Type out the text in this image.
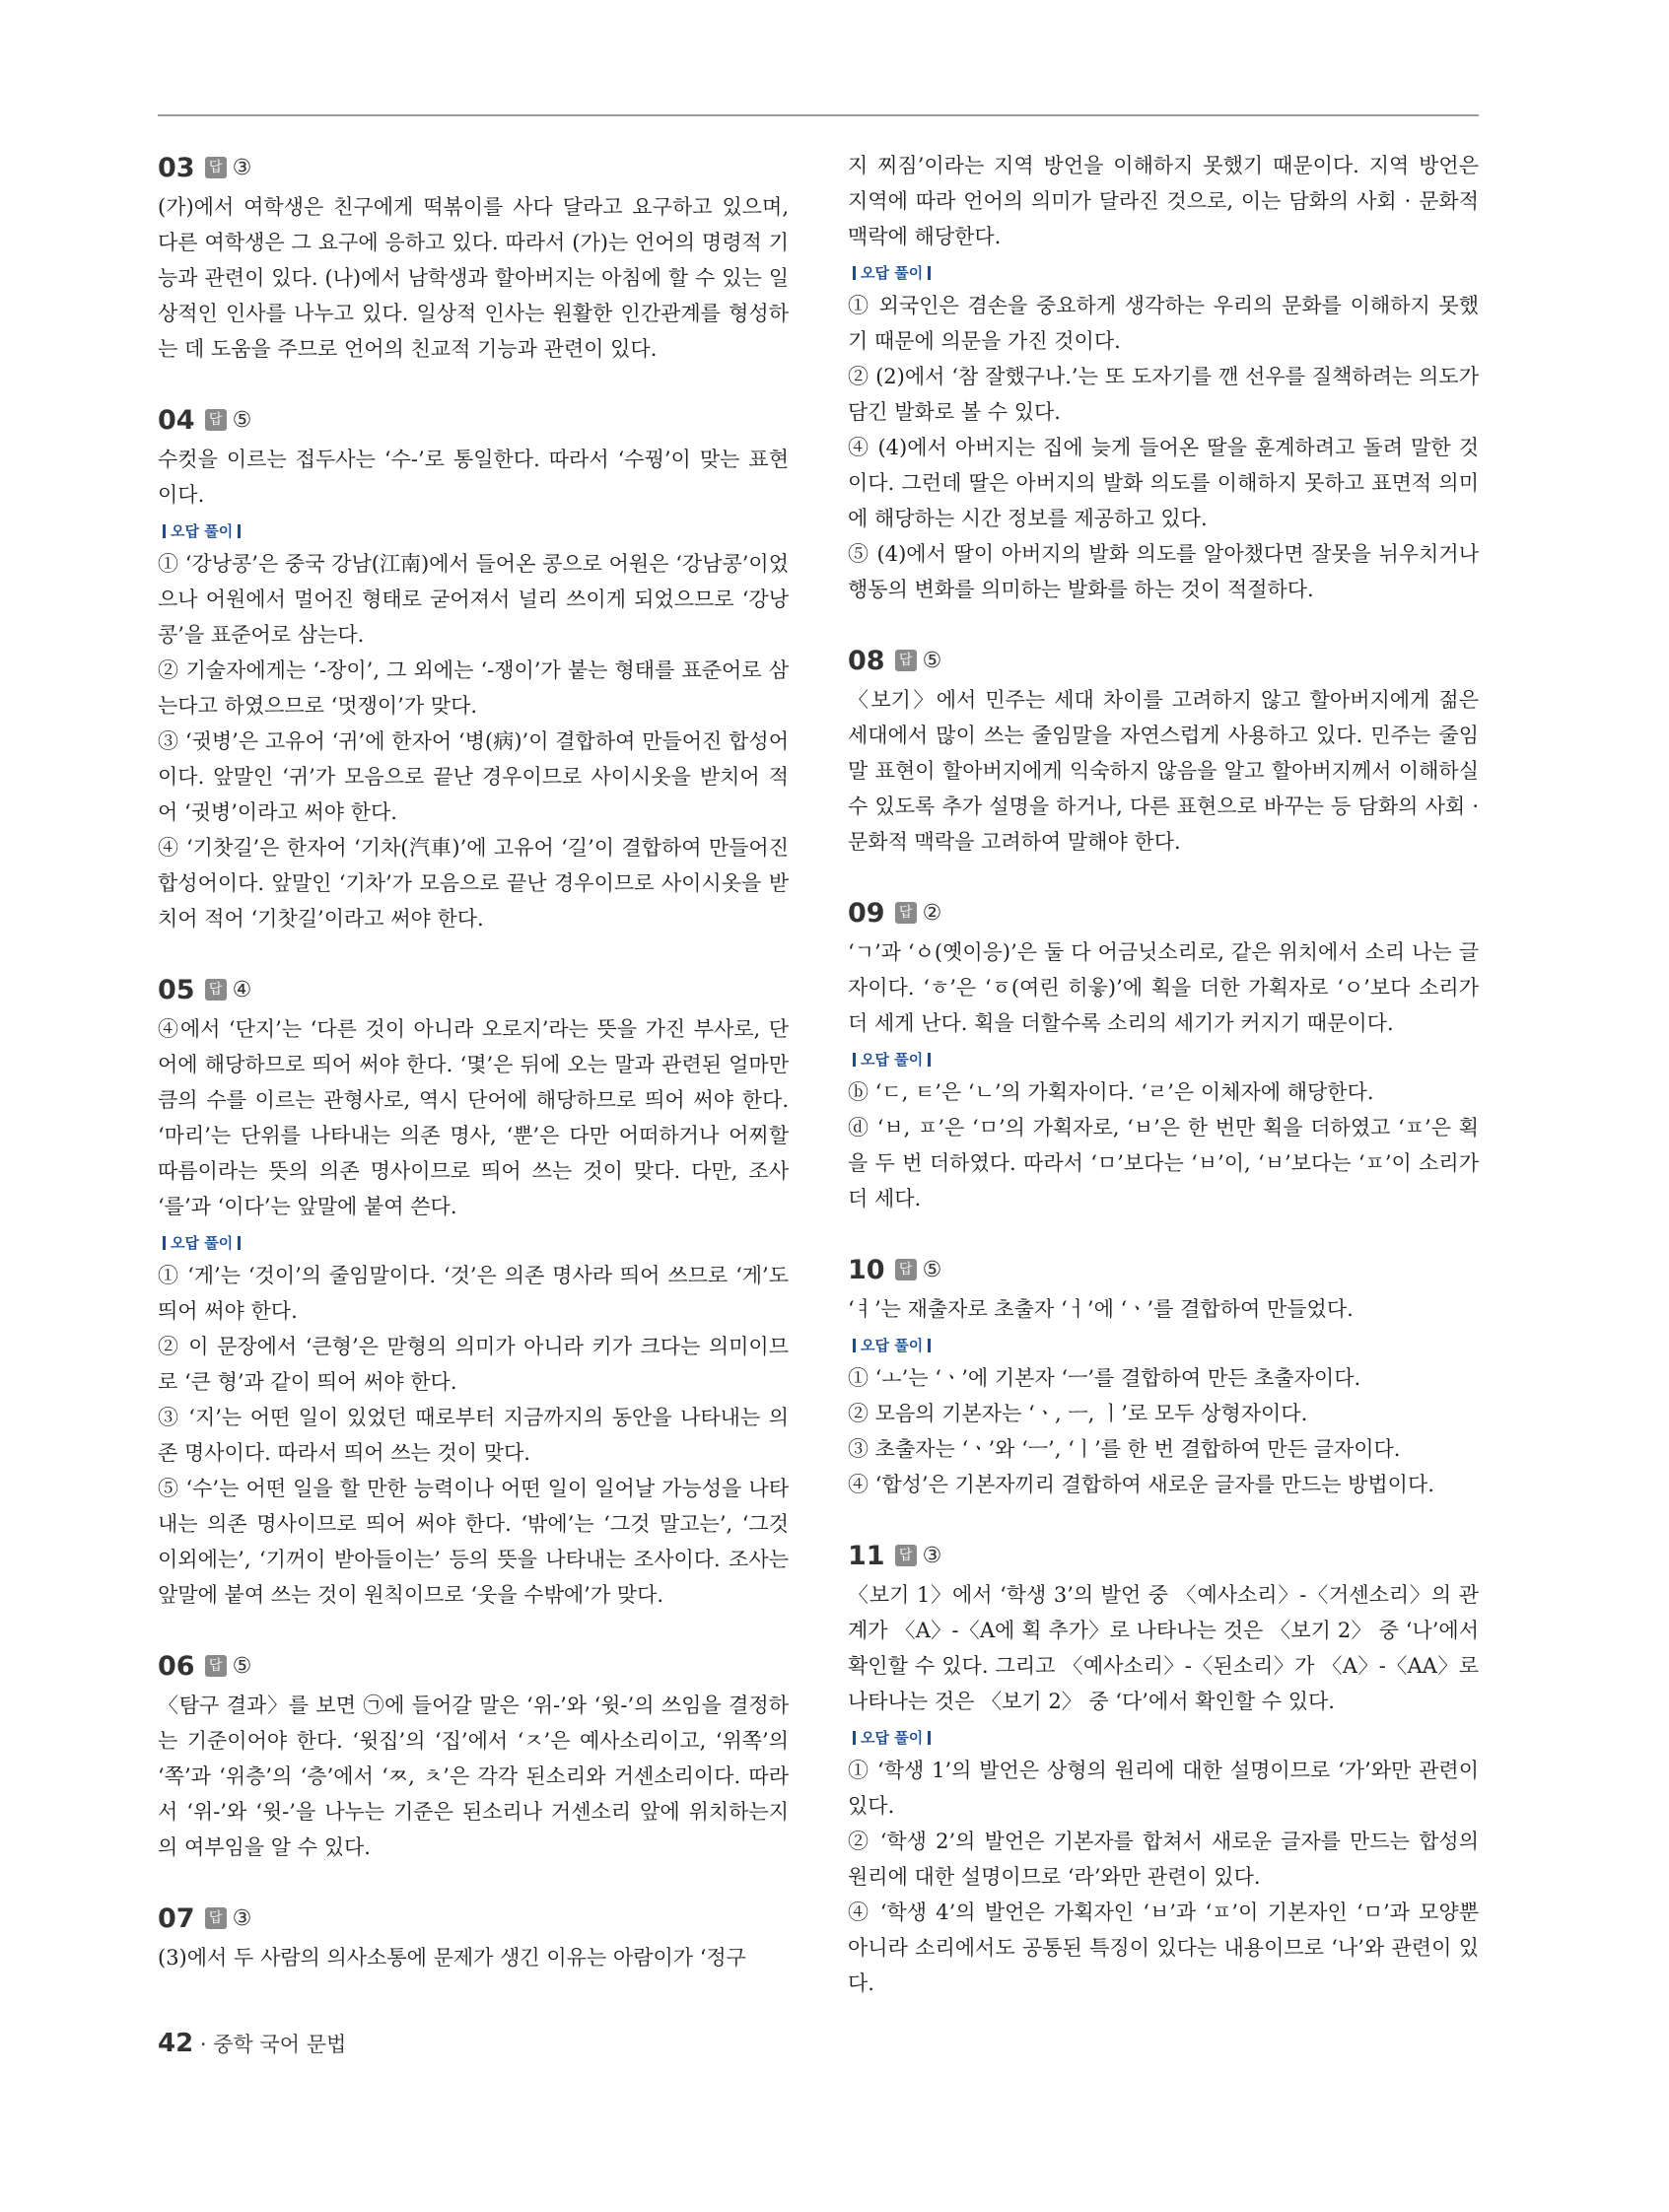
03	답 ③

(가)에서 여학생은 친구에게 떡볶이를 사다 달라고 요구하고 있으며, 다른 여학생은 그 요구에 응하고 있다. 따라서 (가)는 언어의 명령적 기능과 관련이 있다. (나)에서 남학생과 할아버지는 아침에 할 수 있는 일상적인 인사를 나누고 있다. 일상적 인사는 원활한 인간관계를 형성하는 데 도움을 주므로 언어의 친교적 기능과 관련이 있다.

04	답 ⑤

수컷을 이르는 접두사는 ‘수-’로 통일한다. 따라서 ‘수꿩’이 맞는 표현이다.

오답 풀이

① ‘강낭콩’은 중국 강남(江南)에서 들어온 콩으로 어원은 ‘강남콩’이었으나 어원에서 멀어진 형태로 굳어져서 널리 쓰이게 되었으므로 ‘강낭콩’을 표준어로 삼는다.

② 기술자에게는 ‘-장이’, 그 외에는 ‘-쟁이’가 붙는 형태를 표준어로 삼는다고 하였으므로 ‘멋쟁이’가 맞다.

③ ‘귓병’은 고유어 ‘귀’에 한자어 ‘병(病)’이 결합하여 만들어진 합성어이다. 앞말인 ‘귀’가 모음으로 끝난 경우이므로 사이시옷을 받치어 적어 ‘귓병’이라고 써야 한다.

④ ‘기찻길’은 한자어 ‘기차(汽車)’에 고유어 ‘길’이 결합하여 만들어진 합성어이다. 앞말인 ‘기차’가 모음으로 끝난 경우이므로 사이시옷을 받치어 적어 ‘기찻길’이라고 써야 한다.

05	답 ④

④에서 ‘단지’는 ‘다른 것이 아니라 오로지’라는 뜻을 가진 부사로, 단어에 해당하므로 띄어 써야 한다. ‘몇’은 뒤에 오는 말과 관련된 얼마만큼의 수를 이르는 관형사로, 역시 단어에 해당하므로 띄어 써야 한다. ‘마리’는 단위를 나타내는 의존 명사, ‘뿐’은 다만 어떠하거나 어찌할 따름이라는 뜻의 의존 명사이므로 띄어 쓰는 것이 맞다. 다만, 조사 ‘를’과 ‘이다’는 앞말에 붙여 쓴다.

오답 풀이

① ‘게’는 ‘것이’의 줄임말이다. ‘것’은 의존 명사라 띄어 쓰므로 ‘게’도 띄어 써야 한다.

② 이 문장에서 ‘큰형’은 맏형의 의미가 아니라 키가 크다는 의미이므로 ‘큰 형’과 같이 띄어 써야 한다.

③ ‘지’는 어떤 일이 있었던 때로부터 지금까지의 동안을 나타내는 의존 명사이다. 따라서 띄어 쓰는 것이 맞다.

⑤ ‘수’는 어떤 일을 할 만한 능력이나 어떤 일이 일어날 가능성을 나타내는 의존 명사이므로 띄어 써야 한다. ‘밖에’는 ‘그것 말고는’, ‘그것 이외에는’, ‘기꺼이 받아들이는’ 등의 뜻을 나타내는 조사이다. 조사는 앞말에 붙여 쓰는 것이 원칙이므로 ‘웃을 수밖에’가 맞다.

06	답 ⑤

〈탐구 결과〉를 보면 ㉠에 들어갈 말은 ‘위-’와 ‘윗-’의 쓰임을 결정하는 기준이어야 한다. ‘윗집’의 ‘집’에서 ‘ㅈ’은 예사소리이고, ‘위쪽’의 ‘쪽’과 ‘위층’의 ‘층’에서 ‘ㅉ, ㅊ’은 각각 된소리와 거센소리이다. 따라서 ‘위-’와 ‘윗-’을 나누는 기준은 된소리나 거센소리 앞에 위치하는지의 여부임을 알 수 있다.

07	답 ③

(3)에서 두 사람의 의사소통에 문제가 생긴 이유는 아람이가 ‘정구

지 찌짐’이라는 지역 방언을 이해하지 못했기 때문이다. 지역 방언은 지역에 따라 언어의 의미가 달라진 것으로, 이는 담화의 사회 · 문화적 맥락에 해당한다.

오답 풀이

① 외국인은 겸손을 중요하게 생각하는 우리의 문화를 이해하지 못했기 때문에 의문을 가진 것이다.

② (2)에서 ‘참 잘했구나.’는 또 도자기를 깬 선우를 질책하려는 의도가 담긴 발화로 볼 수 있다.

④ (4)에서 아버지는 집에 늦게 들어온 딸을 훈계하려고 돌려 말한 것이다. 그런데 딸은 아버지의 발화 의도를 이해하지 못하고 표면적 의미에 해당하는 시간 정보를 제공하고 있다.

⑤ (4)에서 딸이 아버지의 발화 의도를 알아챘다면 잘못을 뉘우치거나 행동의 변화를 의미하는 발화를 하는 것이 적절하다.

08	답 ⑤

〈보기〉에서 민주는 세대 차이를 고려하지 않고 할아버지에게 젊은 세대에서 많이 쓰는 줄임말을 자연스럽게 사용하고 있다. 민주는 줄임말 표현이 할아버지에게 익숙하지 않음을 알고 할아버지께서 이해하실 수 있도록 추가 설명을 하거나, 다른 표현으로 바꾸는 등 담화의 사회 · 문화적 맥락을 고려하여 말해야 한다.

09	답 ②

‘ㄱ’과 ‘ㆁ(옛이응)’은 둘 다 어금닛소리로, 같은 위치에서 소리 나는 글자이다. ‘ㅎ’은 ‘ㆆ(여린 히읗)’에 획을 더한 가획자로 ‘ㅇ’보다 소리가 더 세게 난다. 획을 더할수록 소리의 세기가 커지기 때문이다.

오답 풀이

ⓑ ‘ㄷ, ㅌ’은 ‘ㄴ’의 가획자이다. ‘ㄹ’은 이체자에 해당한다.

ⓓ ‘ㅂ, ㅍ’은 ‘ㅁ’의 가획자로, ‘ㅂ’은 한 번만 획을 더하였고 ‘ㅍ’은 획을 두 번 더하였다. 따라서 ‘ㅁ’보다는 ‘ㅂ’이, ‘ㅂ’보다는 ‘ㅍ’이 소리가 더 세다.

10	답 ⑤

‘ㅕ’는 재출자로 초출자 ‘ㅓ’에 ‘ㆍ’를 결합하여 만들었다.

오답 풀이

① ‘ㅗ’는 ‘ㆍ’에 기본자 ‘ㅡ’를 결합하여 만든 초출자이다.

② 모음의 기본자는 ‘ㆍ, ㅡ, ㅣ’로 모두 상형자이다.

③ 초출자는 ‘ㆍ’와 ‘ㅡ’, ‘ㅣ’를 한 번 결합하여 만든 글자이다.

④ ‘합성’은 기본자끼리 결합하여 새로운 글자를 만드는 방법이다.

11	답 ③

〈보기 1〉에서 ‘학생 3’의 발언 중 〈예사소리〉-〈거센소리〉의 관계가 〈A〉-〈A에 획 추가〉로 나타나는 것은 〈보기 2〉 중 ‘나’에서 확인할 수 있다. 그리고 〈예사소리〉-〈된소리〉가 〈A〉-〈AA〉로 나타나는 것은 〈보기 2〉 중 ‘다’에서 확인할 수 있다.

오답 풀이

① ‘학생 1’의 발언은 상형의 원리에 대한 설명이므로 ‘가’와만 관련이 있다.

② ‘학생 2’의 발언은 기본자를 합쳐서 새로운 글자를 만드는 합성의 원리에 대한 설명이므로 ‘라’와만 관련이 있다.

④ ‘학생 4’의 발언은 가획자인 ‘ㅂ’과 ‘ㅍ’이 기본자인 ‘ㅁ’과 모양뿐 아니라 소리에서도 공통된 특징이 있다는 내용이므로 ‘나’와 관련이 있다.

42 · 중학 국어 문법
